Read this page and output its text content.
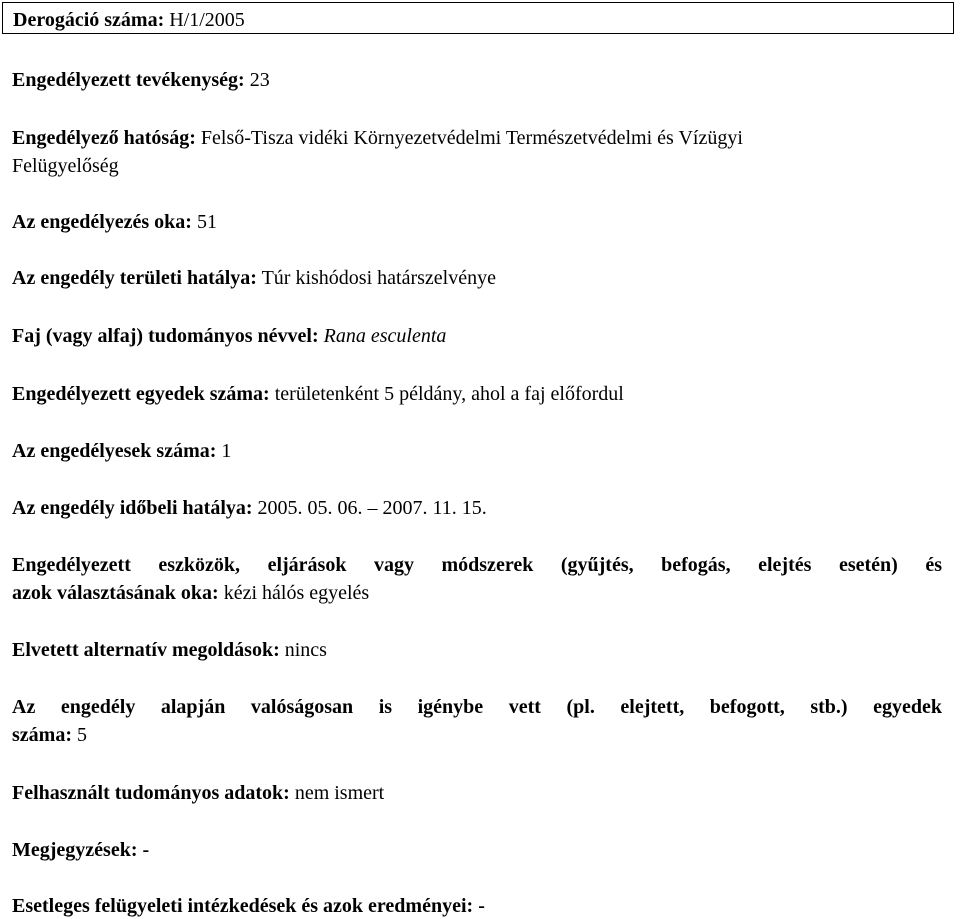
Derogáció száma: H/1/2005

Engedélyezett tevékenység: 23

Engedélyező hatóság: Felső-Tisza vidéki Környezetvédelmi Természetvédelmi és Vízügyi

Felügyelőség

Az engedélyezés oka: 51

Az engedély területi hatálya: Túr kishódosi határszelvénye

Faj (vagy alfaj) tudományos névvel: Rana esculenta

Engedélyezett egyedek száma: területenként 5 példány, ahol a faj előfordul

Az engedélyesek száma: 1

Az engedély időbeli hatálya: 2005. 05. 06. – 2007. 11. 15.

Engedélyezett eszközök, eljárások vagy módszerek (gyűjtés, befogás, elejtés esetén) és

azok választásának oka: kézi hálós egyelés

Elvetett alternatív megoldások: nincs

Az engedély alapján valóságosan is igénybe vett (pl. elejtett, befogott, stb.) egyedek

száma: 5

Felhasznált tudományos adatok: nem ismert

Megjegyzések: -

Esetleges felügyeleti intézkedések és azok eredményei: -
